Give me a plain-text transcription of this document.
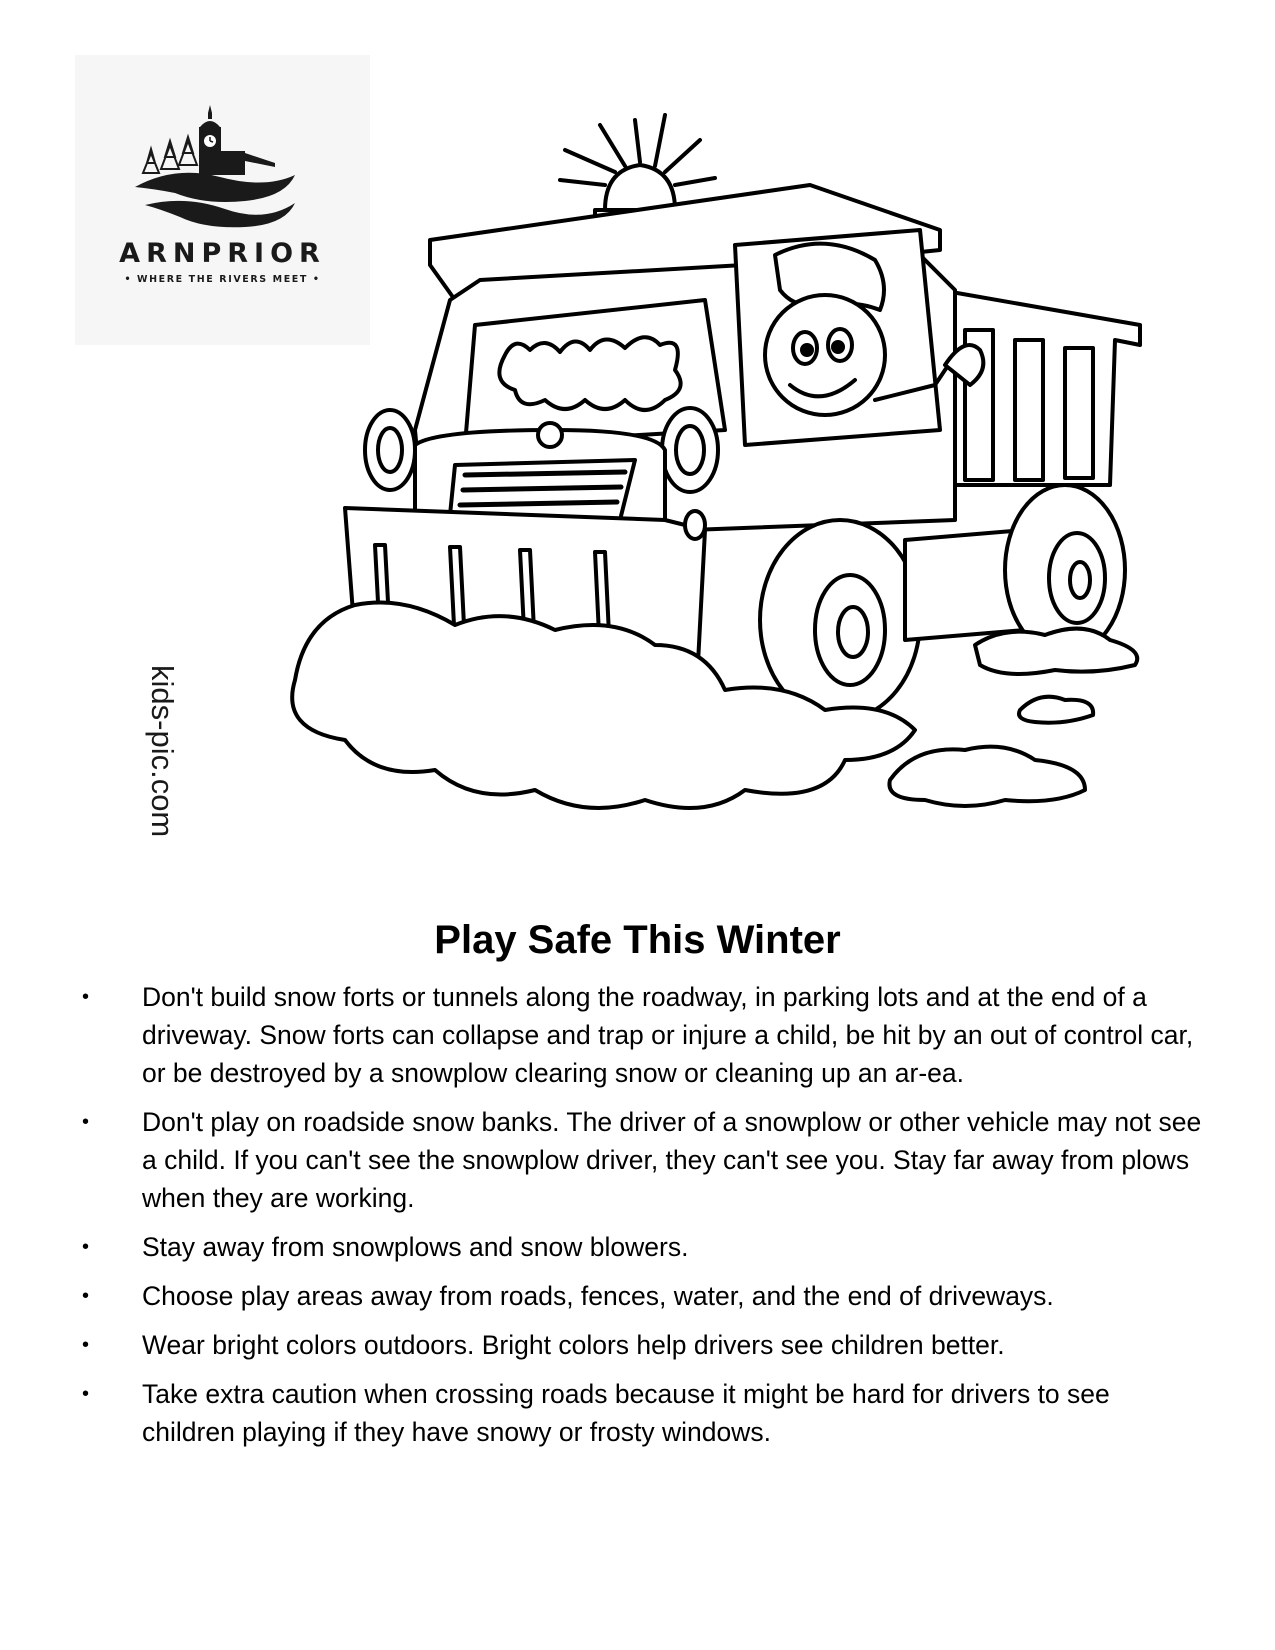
ARNPRIOR
• WHERE THE RIVERS MEET •
kids-pic.com
Play Safe This Winter
• Don't build snow forts or tunnels along the roadway, in parking lots and at the end of a driveway. Snow forts can collapse and trap or injure a child, be hit by an out of control car, or be destroyed by a snowplow clearing snow or cleaning up an ar-ea.
• Don't play on roadside snow banks. The driver of a snowplow or other vehicle may not see a child. If you can't see the snowplow driver, they can't see you. Stay far away from plows when they are working.
• Stay away from snowplows and snow blowers.
• Choose play areas away from roads, fences, water, and the end of driveways.
• Wear bright colors outdoors. Bright colors help drivers see children better.
• Take extra caution when crossing roads because it might be hard for drivers to see children playing if they have snowy or frosty windows.
